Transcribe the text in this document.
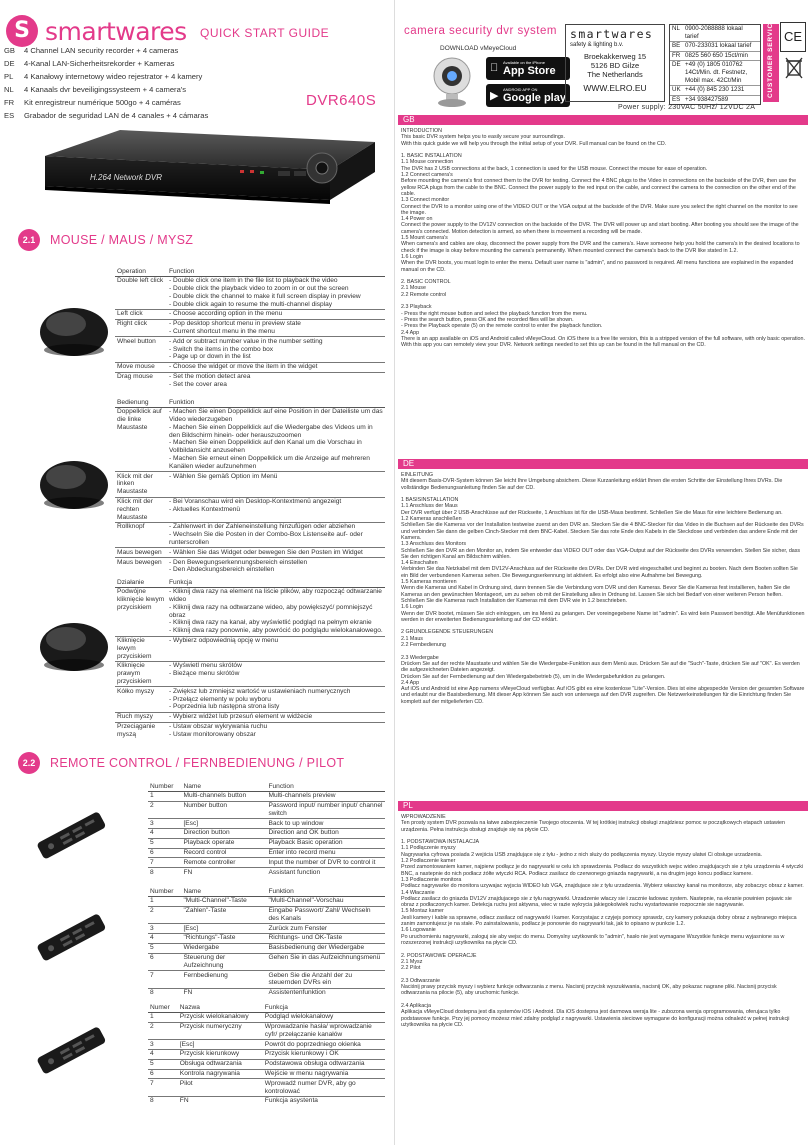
S smartwares QUICK START GUIDE
GB	4 Channel LAN security recorder + 4 cameras
DE	4-Kanal LAN-Sicherheitsrekorder + Kameras
PL	4 Kanałowy internetowy wideo rejestrator + 4 kamery
NL	4 Kanaals dvr beveiligingssysteem + 4 camera's
FR	Kit enregistreur numérique 500go + 4 caméras
ES	Grabador de seguridad LAN de 4 canales + 4 cámaras
DVR640S
H.264 Network DVR
2.1	MOUSE / MAUS / MYSZ
Operation	Function
Double left click	- Double click one item in the file list to playback the video
- Double click the playback video to zoom in or out the screen
- Double click the channel to make it full screen display in preview
- Double click again to resume the multi-channel display
Left click	- Choose according option in the menu
Right click	- Pop desktop shortcut menu in preview state
- Current shortcut menu in the menu
Wheel button	- Add or subtract number value in the number setting
- Switch the items in the combo box
- Page up or down in the list
Move mouse	- Choose the widget or move the item in the widget
Drag mouse	- Set the motion detect area
- Set the cover area
Bedienung	Funktion
Doppelklick auf die linke Maustaste	- Machen Sie einen Doppelklick auf eine Position in der Dateiliste um das Video wiederzugeben
- Machen Sie einen Doppelklick auf die Wiedergabe des Videos um in den Bildschirm hinein- oder herauszuzoomen
- Machen Sie einen Doppelklick auf den Kanal um die Vorschau in Vollbildansicht anzusehen
- Machen Sie erneut einen Doppelklick um die Anzeige auf mehreren Kanälen wieder aufzunehmen
Klick mit der linken Maustaste	- Wählen Sie gemäß Option im Menü
Klick mit der rechten Maustaste	- Bei Voranschau wird ein Desktop-Kontextmenü angezeigt
- Aktuelles Kontextmenü
Rollknopf	- Zahlenwert in der Zahleneinstellung hinzufügen oder abziehen
- Wechseln Sie die Posten in der Combo-Box Listenseite auf- oder runterscrollen
Maus bewegen	- Wählen Sie das Widget oder bewegen Sie den Posten im Widget
Maus bewegen	- Den Bewegungserkennungsbereich einstellen
- Den Abdeckungsbereich einstellen
Działanie	Funkcja
Podwójne kliknięcie lewym przyciskiem	- Kliknij dwa razy na element na liście plików, aby rozpocząć odtwarzanie wideo
- Kliknij dwa razy na odtwarzane wideo, aby powiększyć/ pomniejszyć obraz
- Kliknij dwa razy na kanał, aby wyświetlić podgląd na pełnym ekranie
- Kliknij dwa razy ponownie, aby powrócić do podglądu wielokanałowego.
Kliknięcie lewym przyciskiem	- Wybierz odpowiednią opcję w menu
Kliknięcie prawym przyciskiem	- Wyświetl menu skrótów
- Bieżące menu skrótów
Kółko myszy	- Zwiększ lub zmniejsz wartość w ustawieniach numerycznych
- Przełącz elementy w polu wyboru
- Poprzednia lub następna strona listy
Ruch myszy	- Wybierz widżet lub przesuń element w widżecie
Przeciąganie myszą	- Ustaw obszar wykrywania ruchu
- Ustaw monitorowany obszar
2.2	REMOTE CONTROL / FERNBEDIENUNG / PILOT
Number		Name	Function
1		Multi-channels button	Multi-channels preview
2		Number button	Password input/ number input/ channel switch
3		[Esc]	Back to up window
4		Direction button	Direction and OK button
5		Playback operate	Playback Basic operation
6		Record control	Enter into record menu
7		Remote controller	Input the number of DVR to control it
8		FN	Assistant function
Number		Name	Funktion
1		"Multi-Channel"-Taste	"Multi-Channel"-Vorschau
2		"Zahlen"-Taste	Eingabe Passwort/ Zahl/ Wechseln des Kanals
3		[Esc]	Zurück zum Fenster
4		"Richtungs"-Taste	Richtungs- und OK-Taste
5		Wiedergabe	Basisbedienung der Wiedergabe
6		Steuerung der Aufzeichnung	Gehen Sie in das Aufzeichnungsmenü
7		Fernbedienung	Geben Sie die Anzahl der zu steuernden DVRs ein
8		FN	Assistentenfunktion
Numer		Nazwa	Funkcja
1		Przycisk wielokanałowy	Podgląd wielokanałowy
2		Przycisk numeryczny	Wprowadzanie hasła/ wprowadzanie cyfr/ przełączanie kanałów
3		[Esc]	Powrót do poprzedniego okienka
4		Przycisk kierunkowy	Przycisk kierunkowy i OK
5		Obsługa odtwarzania	Podstawowa obsługa odtwarzania
6		Kontrola nagrywania	Wejście w menu nagrywania
7		Pilot	Wprowadź numer DVR, aby go kontrolować
8		FN	Funkcja asystenta
camera security dvr system
DOWNLOAD vMeyeCloud
Available on the iPhone
App Store
▶
ANDROID APP ON
Google play
smartwares
safety & lighting b.v.
Broekakkerweg 15
5126 BD Gilze
The Netherlands
WWW.ELRO.EU
NL 0900-2088888 lokaal tarief
BE 070-233031 lokaal tarief
FR 0825 560 650 15ct/min
DE +49 (0) 1805 010762
14Ct/Min. dt. Festnetz,
Mobil max. 42Ct/Min
UK +44 (0) 845 230 1231
ES +34 938427589
CUSTOMER SERVICE CE
Power supply: 230VAC 50Hz/ 12VDC 2A
GB
INTRODUCTION
This basic DVR system helps you to easily secure your surroundings.
With this quick guide we will help you through the initial setup of your DVR. Full manual can be found on the CD.

1. BASIC INSTALLATION
1.1 Mouse connection
The DVR has 2 USB connections at the back, 1 connection is used for the USB mouse. Connect the mouse for ease of operation.
1.2 Connect camera's
Before mounting the camera's first connect them to the DVR for testing. Connect the 4 BNC plugs to the Video in connections on the backside of the DVR, then use the yellow RCA plugs from the cable to the BNC. Connect the power supply to the red input on the cable, and connect the camera to the connection on the other end of the cable.
1.3 Connect monitor
Connect the DVR to a monitor using one of the VIDEO OUT or the VGA output at the backside of the DVR. Make sure you select the right channel on the monitor to see the image.
1.4 Power on
Connect the power supply to the DV12V connection on the backside of the DVR. The DVR will power up and start booting. After booting you should see the image of the camera's connected. Motion detection is armed, so when there is movement a recording will be made.
1.5 Mount camera's
When camera's and cables are okay, disconnect the power supply from the DVR and the camera's. Have someone help you hold the camera's in the desired locations to check if the image is okay before mounting the camera's permanently. When mounted connect the camera's back to the DVR like stated in 1.2.
1.6 Login
When the DVR boots, you must login to enter the menu. Default user name is "admin", and no password is required. All menu functions are explained in the expanded manual on the CD.

2. BASIC CONTROL
2.1 Mouse
2.2 Remote control

2.3 Playback
- Press the right mouse button and select the playback function from the menu.
- Press the search button, press OK and the recorded files will be shown.
- Press the Playback operate (5) on the remote control to enter the playback function.
2.4 App
There is an app available on iOS and Android called vMeyeCloud. On iOS there is a free lite version, this is a stripped version of the full software, with only basic operation. With this app you can remotely view your DVR. Network settings needed to set this up can be found in the full manual on the CD.
DE
EINLEITUNG
Mit diesem Basis-DVR-System können Sie leicht Ihre Umgebung absichern. Diese Kurzanleitung erklärt Ihnen die ersten Schritte der Einstellung Ihres DVRs. Die vollständige Bedienungsanleitung finden Sie auf der CD.

1 BASISINSTALLATION
1.1 Anschluss der Maus
Der DVR verfügt über 2 USB-Anschlüsse auf der Rückseite, 1 Anschluss ist für die USB-Maus bestimmt. Schließen Sie die Maus für eine leichtere Bedienung an.
1.2 Kameras anschließen
Schließen Sie die Kameras vor der Installation testweise zuerst an den DVR an. Stecken Sie die 4 BNC-Stecker für das Video in die Buchsen auf der Rückseite des DVRs und verbinden Sie dann die gelben Cinch-Stecker mit dem BNC-Kabel. Stecken Sie das rote Ende des Kabels in die Steckdose und verbinden das andere Ende mit der Kamera.
1.3 Anschluss des Monitors
Schließen Sie den DVR an den Monitor an, indem Sie entweder das VIDEO OUT oder das VGA-Output auf der Rückseite des DVRs verwenden. Stellen Sie sicher, dass Sie den richtigen Kanal am Bildschirm wählen.
1.4 Einschalten
Verbinden Sie das Netzkabel mit dem DV12V-Anschluss auf der Rückseite des DVRs. Der DVR wird eingeschaltet und beginnt zu booten. Nach dem Booten sollten Sie ein Bild der verbundenen Kameras sehen. Die Bewegungserkennung ist aktiviert. Es erfolgt also eine Aufnahme bei Bewegung.
1.5 Kameras montieren
Wenn die Kameras und Kabel in Ordnung sind, dann trennen Sie die Verbindung vom DVR und den Kameras. Bevor Sie die Kameras fest installieren, halten Sie die Kameras an den gewünschten Montageort, um zu sehen ob mit der Einstellung alles in Ordnung ist. Lassen Sie sich bei Bedarf von einer weiteren Person helfen. Schließen Sie die Kameras nach Installation der Kameras mit dem DVR wie in 1.2 beschrieben.
1.6 Login
Wenn der DVR bootet, müssen Sie sich einloggen, um ins Menü zu gelangen. Der voreingegebene Name ist "admin". Es wird kein Passwort benötigt. Alle Menüfunktionen werden in der erweiterten Bedienungsanleitung auf der CD erklärt.

2 GRUNDLEGENDE STEUERUNGEN
2.1 Maus
2.2 Fernbedienung

2.3 Wiedergabe
Drücken Sie auf der rechte Maustaste und wählen Sie die Wiedergabe-Funktion aus dem Menü aus. Drücken Sie auf die "Such"-Taste, drücken Sie auf "OK". Es werden die aufgezeichneten Dateien angezeigt.
Drücken Sie auf der Fernbedienung auf den Wiedergabebetrieb (5), um in die Wiedergabefunktion zu gelangen.
2.4 App
Auf iOS und Android ist eine App namens vMeyeCloud verfügbar. Auf iOS gibt es eine kostenlose "Lite"-Version. Dies ist eine abgespeckte Version der gesamten Software und erlaubt nur die Basisbedienung. Mit dieser App können Sie auch von unterwegs auf den DVR zugreifen. Die Netzwerkeinstellungen für die Einrichtung finden Sie komplett auf der mitgelieferten CD.
PL
WPROWADZENIE
Ten prosty system DVR pozwala na łatwe zabezpieczenie Twojego otoczenia. W tej krótkiej instrukcji obsługi znajdziesz pomoc w początkowych etapach ustawien urządzenia. Pełna instrukcja obsługi znajduje się na płycie CD.

1. PODSTAWOWA INSTALACJA
1.1 Podłączenie myszy
Nagrywarka cyfrowa posiada 2 wejścia USB znajdujące się z tyłu - jedno z nich służy do podłączenia myszy. Uzycie myszy ułatwi Ci obsługe urzadzenia.
1.2 Podłaczenie kamer
Przed zamontowaniem kamer, najpierw podłącz je do nagrywarki w celu ich sprawdzenia. Podłacz do wszystkich wejsc wideo znajdujacych sie z tyłu urządzenia 4 wtyczki BNC, a nastepnie do nich podłacz żółte wtyczki RCA. Podłacz zasilacz do czerwonego gniazda nagrywarki, a na drugim jego koncu podłacz kamere.
1.3 Podłaczenie monitora
Podłacz nagrywarke do monitora uzywajac wyjscia WIDEO lub VGA, znajdujace sie z tyłu urzadzenia. Wybierz własciwy kanał na monitorze, aby zobaczyc obraz z kamer.
1.4 Właczanie
Podłacz zasilacz do gniazda DV12V znajdujacego sie z tyłu nagrywarki. Urzadzenie właczy sie i zacznie ładowac system. Nastepnie, na ekranie powinien pojawic sie obraz z podłaczonych kamer. Detekcja ruchu jest aktywna, wiec w razie wykrycia jakiegokolwiek ruchu wystartowanie rozpocznie sie nagrywanie.
1.5 Montaz kamer
Jesli kamery i kable sa sprawne, odłacz zasilacz od nagrywarki i kamer. Korzystajac z czyjejs pomocy sprawdz, czy kamery pokazuja dobry obraz z wybranego miejsca zanim zamontujesz je na stałe. Po zainstalowaniu, podłacz je ponownie do nagrywarki tak, jak to opisano w punkcie 1.2.
1.6 Logowanie
Po uruchomieniu nagrywarki, zaloguj sie aby wejsc do menu. Domyslny uzytkownik to "admin", hasło nie jest wymagane Wszystkie funkcje menu wyjasnione sa w rozszerzonej instrukcji uzytkownika na płycie CD.

2. PODSTAWOWE OPERACJE
2.1 Mysz
2.2 Pilot

2.3 Odtwarzanie
Naciśnij prawy przycisk myszy i wybierz funkcje odtwarzania z menu. Nacisnij przycisk wyszukiwania, nacisnij OK, aby pokazac nagrane pliki. Nacisnij przycisk odtwarzania na pilocie (5), aby uruchomic funkcje.

2.4 Aplikacja
Aplikacja vMeyeCloud dostepna jest dla systemów iOS i Android. Dla iOS dostepna jest darmowa wersja lite - zubozona wersja oprogramowania, oferujaca tylko podstawowe funkcje. Przy jej pomocy możesz mieć zdalny podgląd z nagrywarki. Ustawienia sieciowe wymagane do konfiguracji można odnaleźć w pełnej instrukcji użytkownika na płycie CD.
